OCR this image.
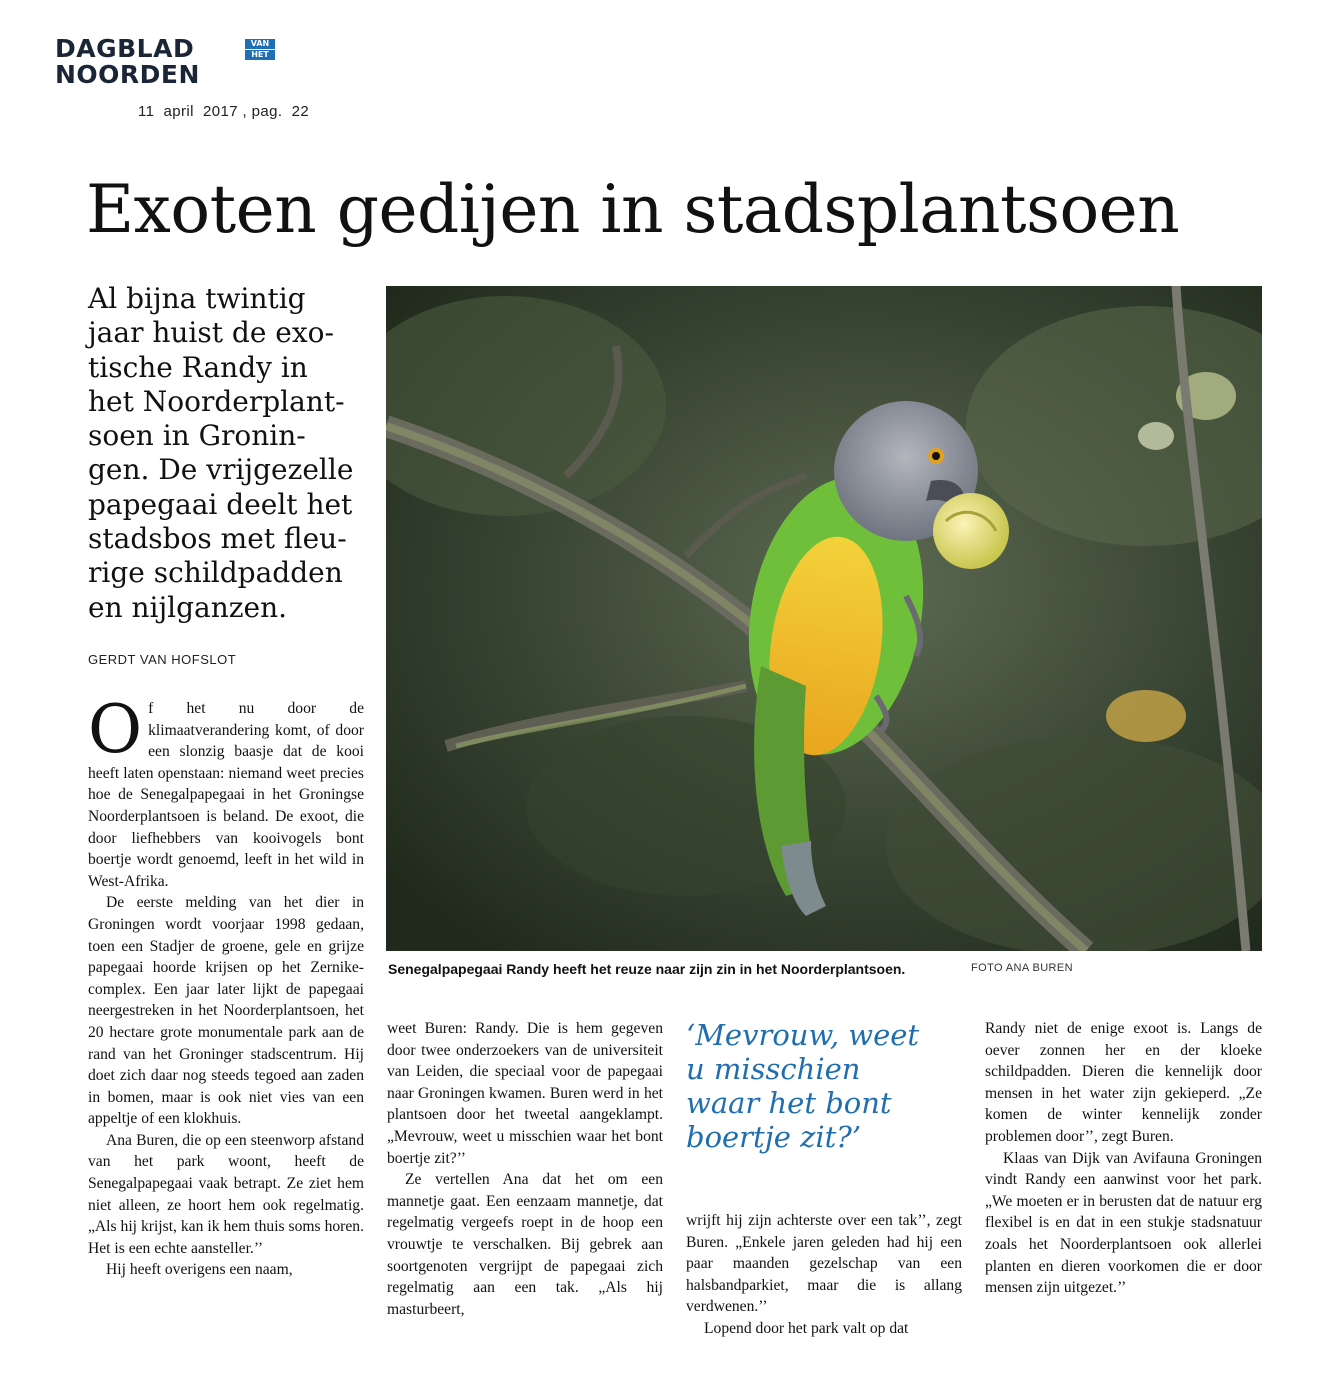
DAGBLAD
NOORDEN
VAN
HET
11  april  2017 , pag.  22
Exoten gedijen in stadsplantsoen
Al bijna twintig
jaar huist de exo-
tische Randy in
het Noorderplant-
soen in Gronin-
gen. De vrijgezelle
papegaai deelt het
stadsbos met fleu-
rige schildpadden
en nijlganzen.
GERDT VAN HOFSLOT
Senegalpapegaai Randy heeft het reuze naar zijn zin in het Noorderplantsoen.	FOTO ANA BUREN

Of het nu door de klimaatverandering komt, of door een slonzig baasje dat de kooi heeft laten openstaan: niemand weet precies hoe de Senegalpapegaai in het Groningse Noorderplantsoen is beland. De exoot, die door liefhebbers van kooivogels bont boertje wordt genoemd, leeft in het wild in West-Afrika.

De eerste melding van het dier in Groningen wordt voorjaar 1998 gedaan, toen een Stadjer de groene, gele en grijze papegaai hoorde krijsen op het Zernike-complex. Een jaar later lijkt de papegaai neergestreken in het Noorderplantsoen, het 20 hectare grote monumentale park aan de rand van het Groninger stadscentrum. Hij doet zich daar nog steeds tegoed aan zaden in bomen, maar is ook niet vies van een appeltje of een klokhuis.

Ana Buren, die op een steenworp afstand van het park woont, heeft de Senegalpapegaai vaak betrapt. Ze ziet hem niet alleen, ze hoort hem ook regelmatig. „Als hij krijst, kan ik hem thuis soms horen. Het is een echte aansteller.’’

Hij heeft overigens een naam,

weet Buren: Randy. Die is hem gegeven door twee onderzoekers van de universiteit van Leiden, die speciaal voor de papegaai naar Groningen kwamen. Buren werd in het plantsoen door het tweetal aangeklampt. „Mevrouw, weet u misschien waar het bont boertje zit?’’

Ze vertellen Ana dat het om een mannetje gaat. Een eenzaam mannetje, dat regelmatig vergeefs roept in de hoop een vrouwtje te verschalken. Bij gebrek aan soortgenoten vergrijpt de papegaai zich regelmatig aan een tak. „Als hij masturbeert,

‘Mevrouw, weet
u misschien
waar het bont
boertje zit?’

wrijft hij zijn achterste over een tak’’, zegt Buren. „Enkele jaren geleden had hij een paar maanden gezelschap van een halsbandparkiet, maar die is allang verdwenen.’’

Lopend door het park valt op dat

Randy niet de enige exoot is. Langs de oever zonnen her en der kloeke schildpadden. Dieren die kennelijk door mensen in het water zijn gekieperd. „Ze komen de winter kennelijk zonder problemen door’’, zegt Buren.

Klaas van Dijk van Avifauna Groningen vindt Randy een aanwinst voor het park. „We moeten er in berusten dat de natuur erg flexibel is en dat in een stukje stadsnatuur zoals het Noorderplantsoen ook allerlei planten en dieren voorkomen die er door mensen zijn uitgezet.’’
